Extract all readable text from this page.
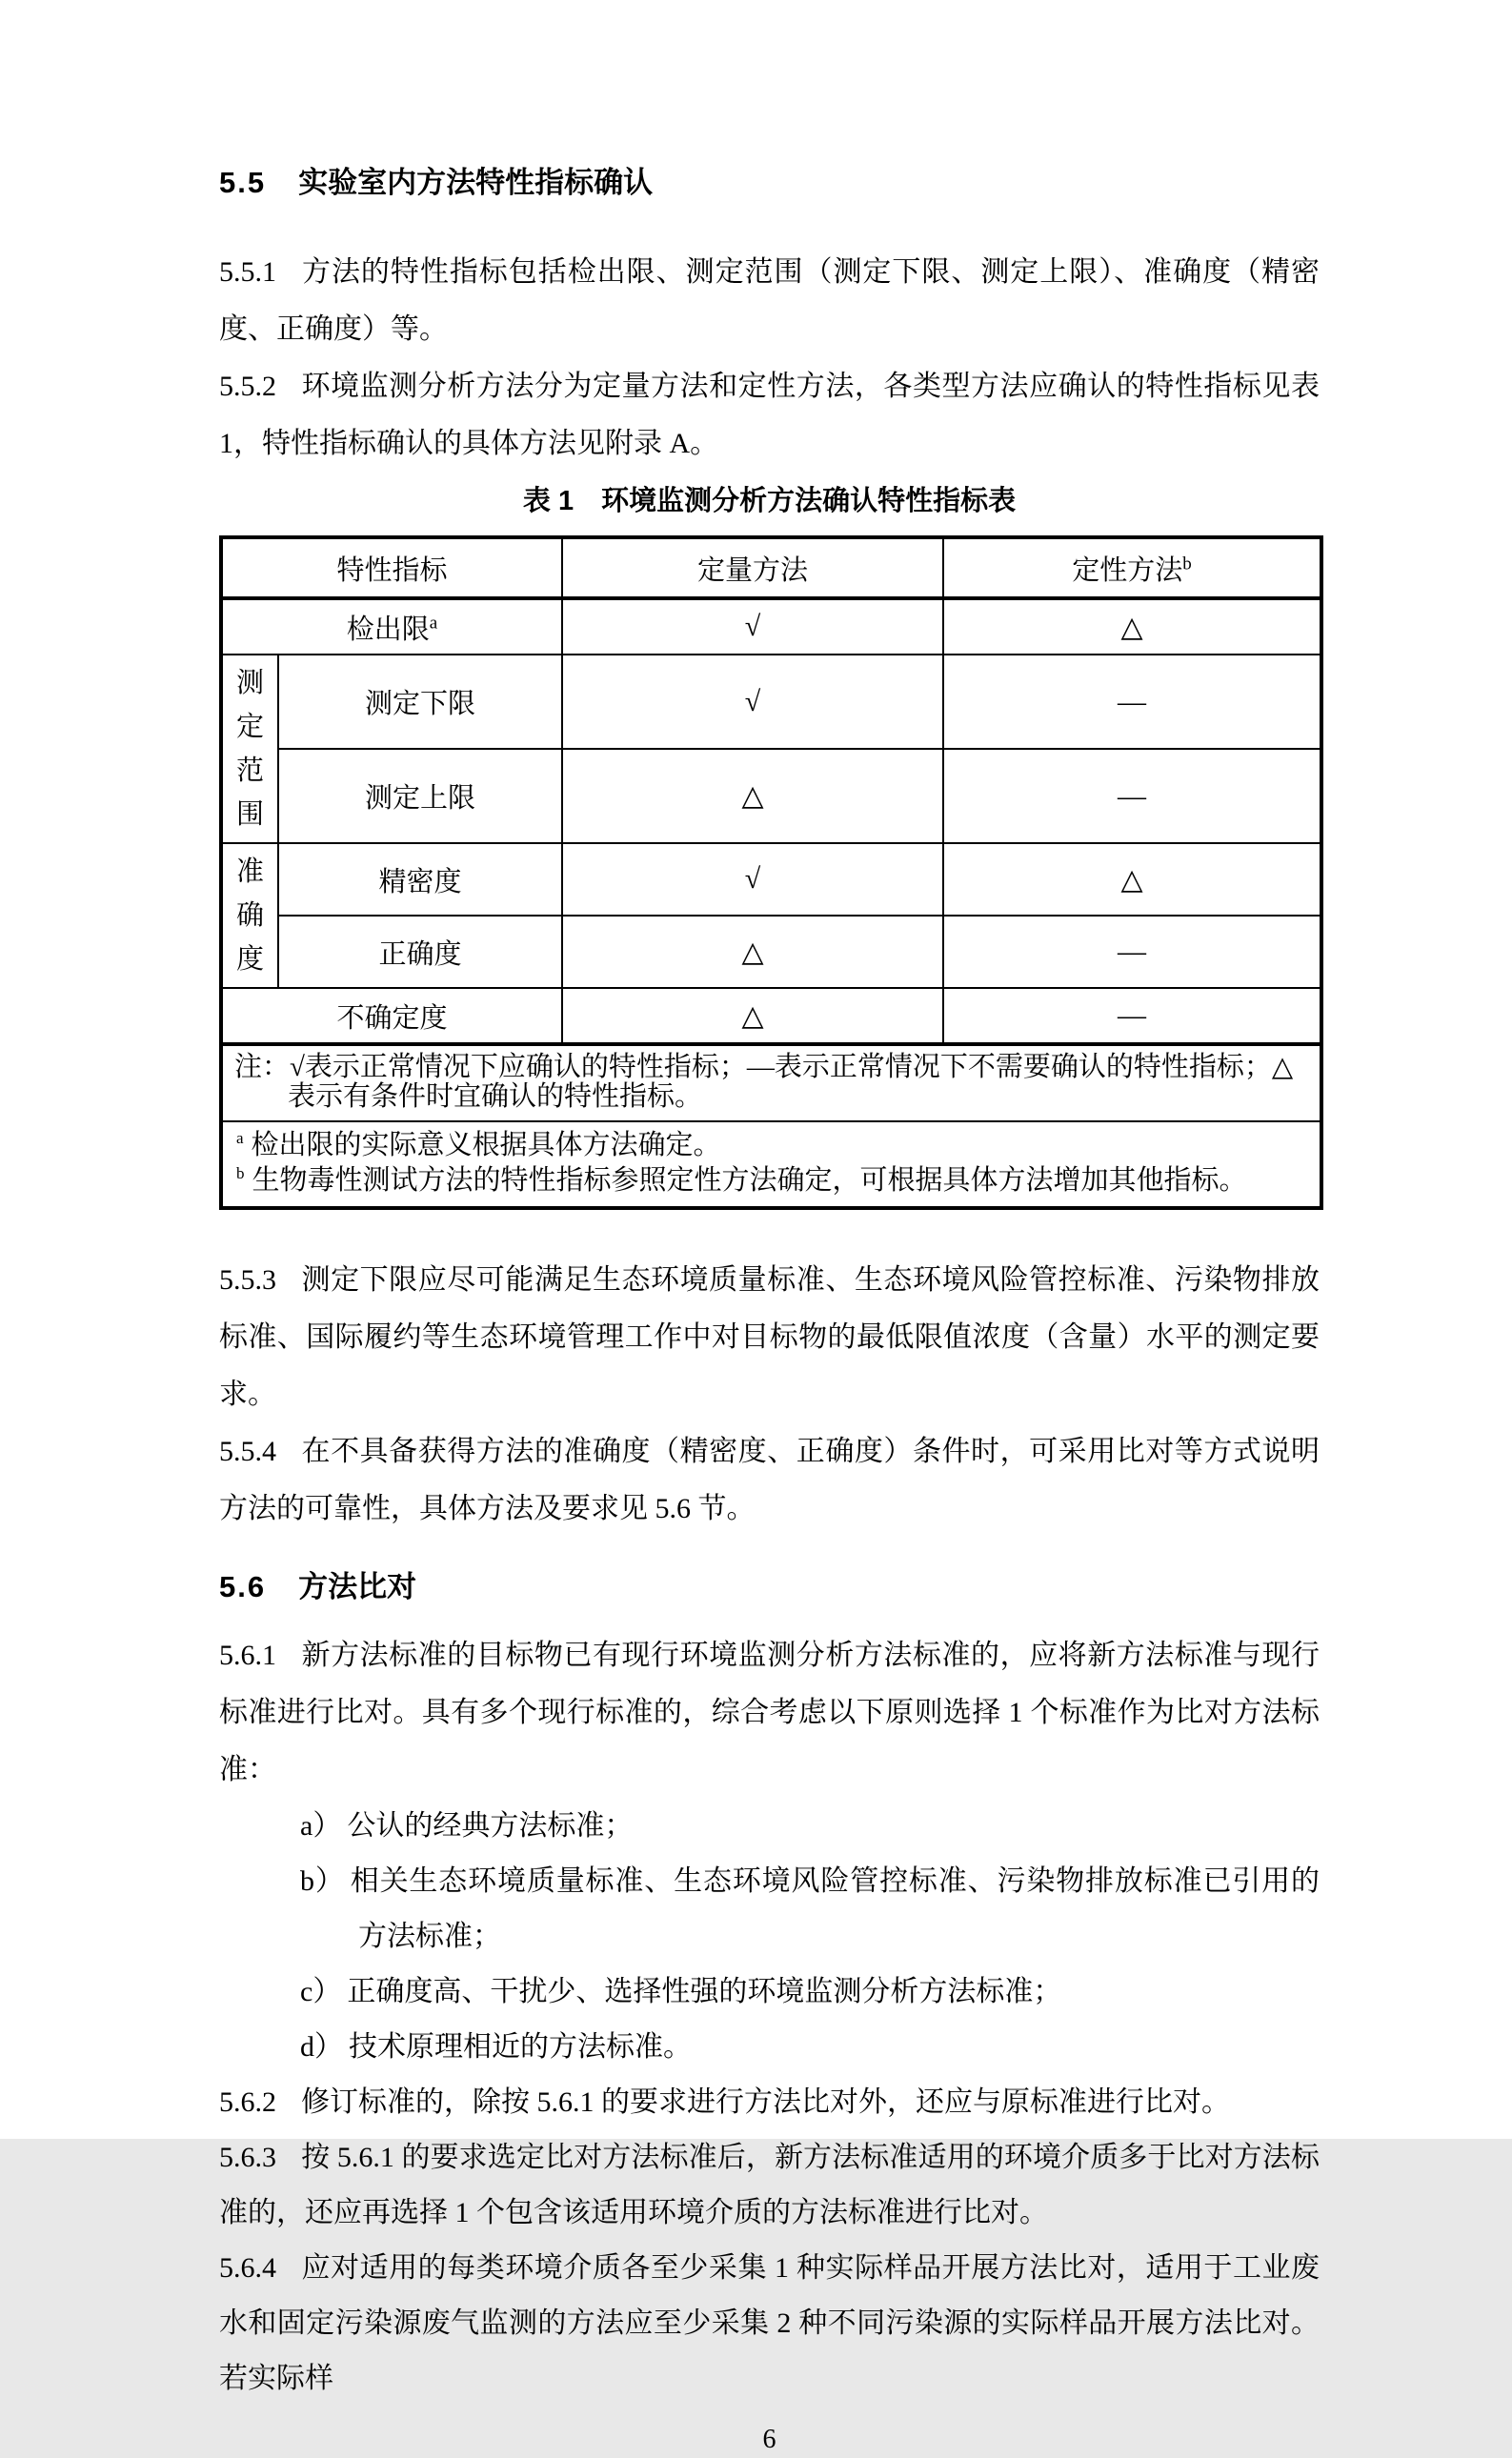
5.5 实验室内方法特性指标确认

5.5.1 方法的特性指标包括检出限、测定范围（测定下限、测定上限）、准确度（精密度、正确度）等。

5.5.2 环境监测分析方法分为定量方法和定性方法，各类型方法应确认的特性指标见表 1，特性指标确认的具体方法见附录 A。

表 1　环境监测分析方法确认特性指标表
特性指标		定量方法	定性方法$^b$
检出限$^a$		√	△
测定范围	测定下限	√	—
	测定上限	△	—
准确度	精密度	√	△
	正确度	△	—
不确定度		△	—

注：√表示正常情况下应确认的特性指标；—表示正常情况下不需要确认的特性指标；△表示有条件时宜确认的特性指标。			

$^a$ 检出限的实际意义根据具体方法确定。
$^b$ 生物毒性测试方法的特性指标参照定性方法确定，可根据具体方法增加其他指标。			

5.5.3 测定下限应尽可能满足生态环境质量标准、生态环境风险管控标准、污染物排放标准、国际履约等生态环境管理工作中对目标物的最低限值浓度（含量）水平的测定要求。

5.5.4 在不具备获得方法的准确度（精密度、正确度）条件时，可采用比对等方式说明方法的可靠性，具体方法及要求见 5.6 节。

5.6 方法比对

5.6.1 新方法标准的目标物已有现行环境监测分析方法标准的，应将新方法标准与现行标准进行比对。具有多个现行标准的，综合考虑以下原则选择 1 个标准作为比对方法标准：

a） 公认的经典方法标准；
b） 相关生态环境质量标准、生态环境风险管控标准、污染物排放标准已引用的方法标准；
c） 正确度高、干扰少、选择性强的环境监测分析方法标准；
d） 技术原理相近的方法标准。

5.6.2 修订标准的，除按 5.6.1 的要求进行方法比对外，还应与原标准进行比对。

5.6.3 按 5.6.1 的要求选定比对方法标准后，新方法标准适用的环境介质多于比对方法标准的，还应再选择 1 个包含该适用环境介质的方法标准进行比对。

5.6.4 应对适用的每类环境介质各至少采集 1 种实际样品开展方法比对，适用于工业废水和固定污染源废气监测的方法应至少采集 2 种不同污染源的实际样品开展方法比对。若实际样

6
